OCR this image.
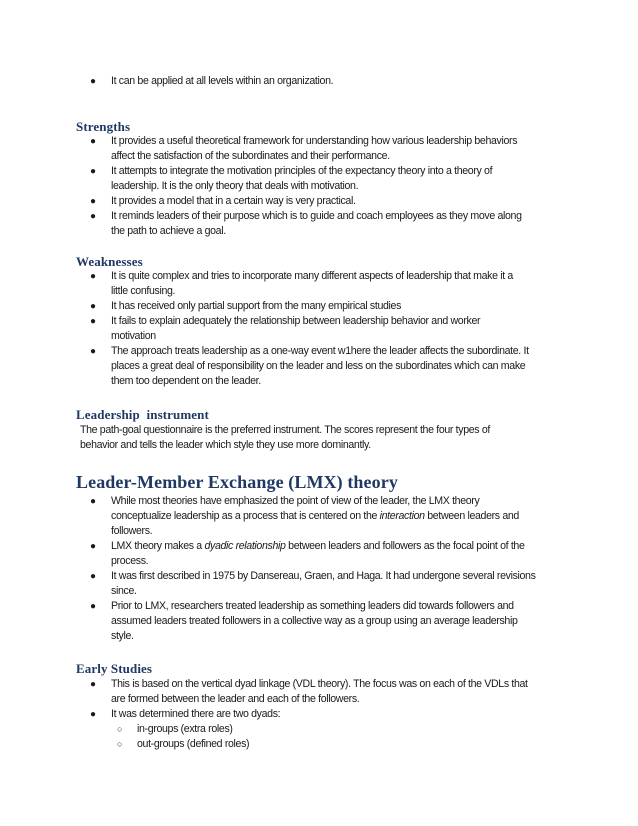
● It can be applied at all levels within an organization.
Strengths
● It provides a useful theoretical framework for understanding how various leadership behaviors
affect the satisfaction of the subordinates and their performance.
● It attempts to integrate the motivation principles of the expectancy theory into a theory of
leadership. It is the only theory that deals with motivation.
● It provides a model that in a certain way is very practical.
● It reminds leaders of their purpose which is to guide and coach employees as they move along
the path to achieve a goal.
Weaknesses
● It is quite complex and tries to incorporate many different aspects of leadership that make it a
little confusing.
● It has received only partial support from the many empirical studies
● It fails to explain adequately the relationship between leadership behavior and worker
motivation
● The approach treats leadership as a one-way event w1here the leader affects the subordinate. It
places a great deal of responsibility on the leader and less on the subordinates which can make
them too dependent on the leader.
Leadership  instrument
The path-goal questionnaire is the preferred instrument. The scores represent the four types of
behavior and tells the leader which style they use more dominantly.
Leader-Member Exchange (LMX) theory
● While most theories have emphasized the point of view of the leader, the LMX theory
conceptualize leadership as a process that is centered on the interaction between leaders and
followers.
● LMX theory makes a dyadic relationship between leaders and followers as the focal point of the
process.
● It was first described in 1975 by Dansereau, Graen, and Haga. It had undergone several revisions
since.
● Prior to LMX, researchers treated leadership as something leaders did towards followers and
assumed leaders treated followers in a collective way as a group using an average leadership
style.
Early Studies
● This is based on the vertical dyad linkage (VDL theory). The focus was on each of the VDLs that
are formed between the leader and each of the followers.
● It was determined there are two dyads:
○ in-groups (extra roles)
○ out-groups (defined roles)
